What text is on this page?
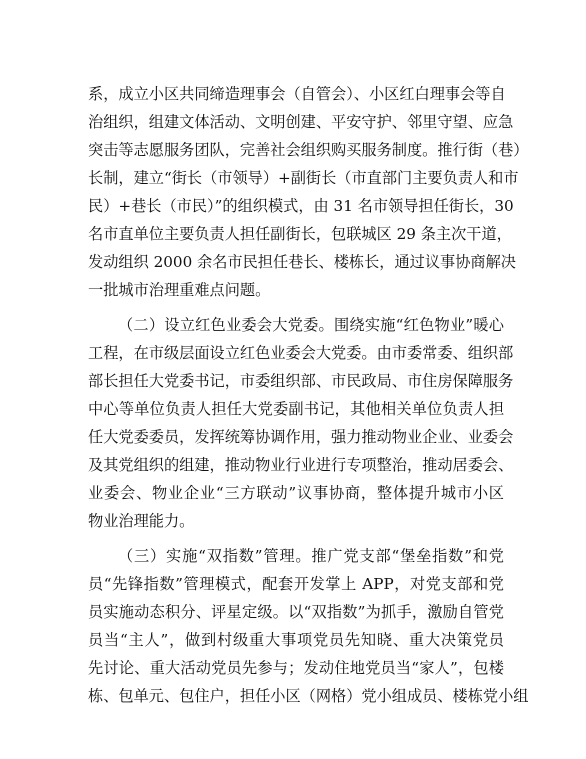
系，成立小区共同缔造理事会（自管会）、小区红白理事会等自
治组织，组建文体活动、文明创建、平安守护、邻里守望、应急
突击等志愿服务团队，完善社会组织购买服务制度。推行街（巷）
长制，建立“街长（市领导）+副街长（市直部门主要负责人和市
民）+巷长（市民）”的组织模式，由 31 名市领导担任街长，30
名市直单位主要负责人担任副街长，包联城区 29 条主次干道，
发动组织 2000 余名市民担任巷长、楼栋长，通过议事协商解决
一批城市治理重难点问题。
（二）设立红色业委会大党委。围绕实施“红色物业”暖心
工程，在市级层面设立红色业委会大党委。由市委常委、组织部
部长担任大党委书记，市委组织部、市民政局、市住房保障服务
中心等单位负责人担任大党委副书记，其他相关单位负责人担
任大党委委员，发挥统筹协调作用，强力推动物业企业、业委会
及其党组织的组建，推动物业行业进行专项整治，推动居委会、
业委会、物业企业“三方联动”议事协商，整体提升城市小区
物业治理能力。
（三）实施“双指数”管理。推广党支部“堡垒指数”和党
员“先锋指数”管理模式，配套开发掌上 APP，对党支部和党
员实施动态积分、评星定级。以“双指数”为抓手，激励自管党
员当“主人”，做到村级重大事项党员先知晓、重大决策党员
先讨论、重大活动党员先参与；发动住地党员当“家人”，包楼
栋、包单元、包住户，担任小区（网格）党小组成员、楼栋党小组
